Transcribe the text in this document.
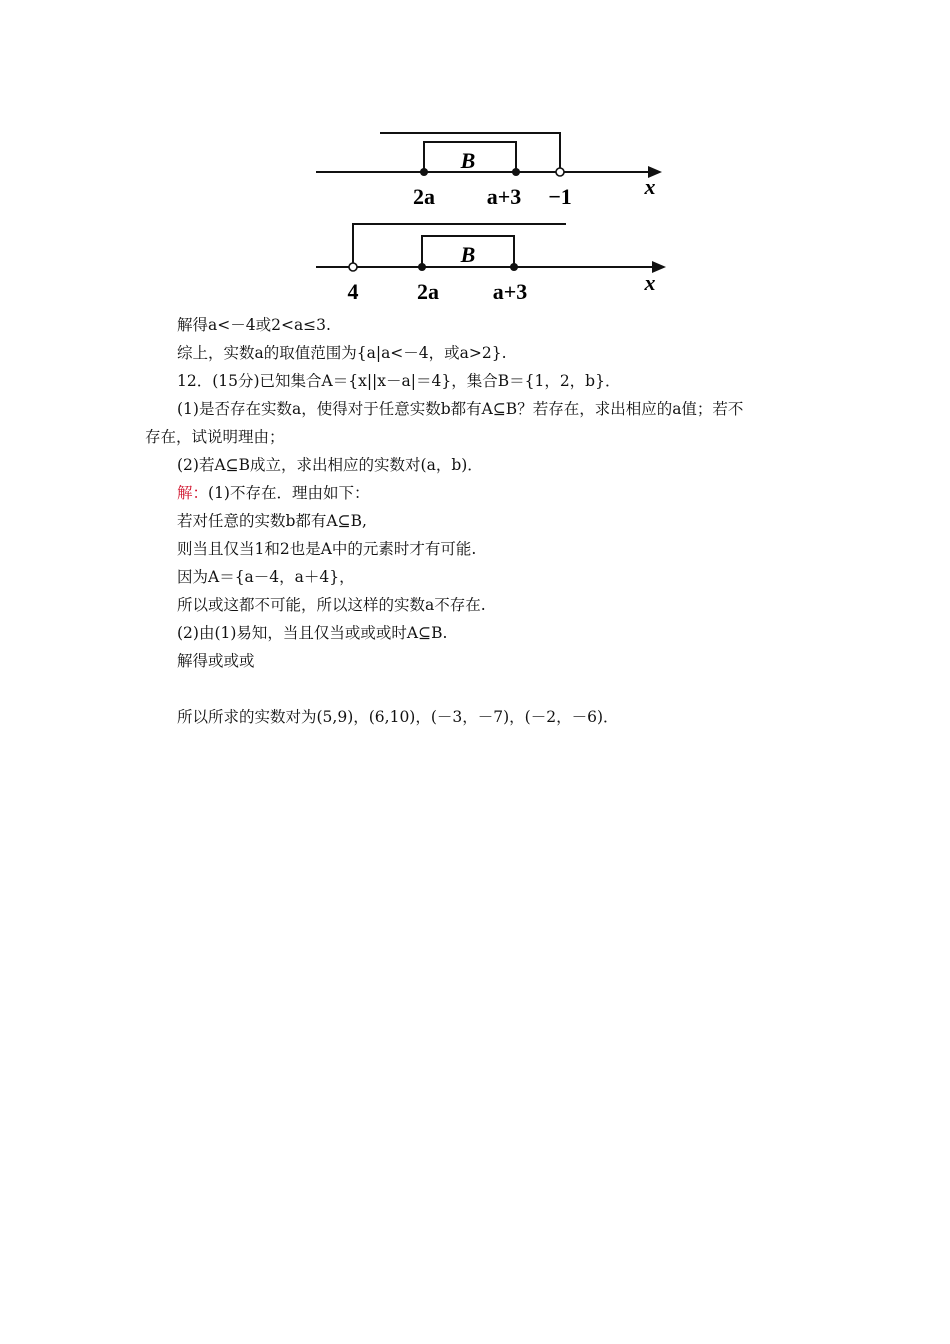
B
2a a+3 −1	x
B
4	2a a+3	x
解得a<－4或2<a≤3.
综上，实数a的取值范围为{a|a<－4，或a>2}.
12．(15分)已知集合A＝{x||x－a|＝4}，集合B＝{1，2，b}．
(1)是否存在实数a，使得对于任意实数b都有A⊆B？若存在，求出相应的a值；若不
存在，试说明理由；
(2)若A⊆B成立，求出相应的实数对(a，b)．
解：(1)不存在．理由如下：
若对任意的实数b都有A⊆B,
则当且仅当1和2也是A中的元素时才有可能.
因为A＝{a－4，a＋4}，
所以或这都不可能，所以这样的实数a不存在.
(2)由(1)易知，当且仅当或或或时A⊆B.
解得或或或
所以所求的实数对为(5,9)，(6,10)，(－3，－7)，(－2，－6)．
